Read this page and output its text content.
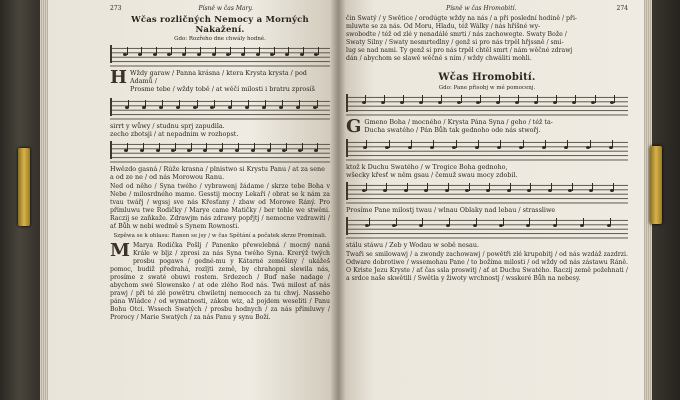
273	Písně w čas Mary.
Wčas rozličných Nemocy a Morných Nakažení.
Gdo: Rozřeho dne chwály hodné.
H Wždy garaw / Panna krásna / ktera Krysta krysta / pod Adamů /
Prosme tebe / wždy tobě / at wěčí milosti i bratru zprosíš
sirrt y wůwy / studnu sprj zapudila.
zecho zbotsji / at nepadnim w rozhopst.
Hwězdo gasná / Rúže krasna / plnistwo si Krystu Panu / at za sene
a od ze ne / od nás Morowou Ranu.
Ned od něho / Syna twého / vybrawenj žádame / skrze tebe Boha v Nebe / milosrdného mame. Gesstij mocny Lekaři / obrat se k nám za tvau twářj / wgssj sve nás Křesťany / zbaw od Morowe Ráný. Pro přímluwu twe Rodičky / Marye came Matičky / ber tohle we stwěni. Raczij se zaňkaže. Zdrawjm nás zdrawy popřjtj / nemocne vzdrawiti / ať Bůh w nebi wedmě s Synem Rownosti.
Szpěwa se k ohlasu: Ranen se jsy / w čas Spětání a počatek skrze Prominali.
M Marya Rodička Pošlj / Panenko přewelebná / mocný naná Krále w bljz / zprosi za nás Syna twého Syna. Krerýž twých prosbu pogaws / gedné-mu y Kátarné zeměšiny / ukážeš pomoc, budiž předrahá, rozljti země, by chrahopni slewila nás, prosíme z swaté obuwi rostem. Srdezech / Buď naše nadage / abychom swé Slowensko / at ode zlého Rod nás. Twá milost ať nás prawj / při té zlé powětru chwiletnj nemocech za tu chwj. Nasseho pána Wládce / od wymatnosti, zákon wiz, až pojdem weseliti / Panu Bohu Otci. Wssech Swatých / prosbu hodnych / za nás přímluwy / Prorocy / Marie Swatých / za nás Panu y synu Boží.
Písně w čas Hromobití.	274
čin Swatý / y Swětice / orodúgte wždy na nás / a při poslední hodině / při-
mluwte se za nás. Od Moru, Hladu, též Wálky / nás hříšné wy-
swobodte / též od zlé y nenadálé smrti / nás zachowegte. Swaty Bože /
Swaty Silny / Swaty nesmrtedlny / genž si pro nás trpěl hřjssně / smi-
lug se nad nami. Ty genž si pro nás trpěl chtěl smrt / nám wěčné zdrawj
dán / abychom se slawě wěčné s ním / wždy chwáliti mohli.
Wčas Hromobití.
Gdo: Pane přisobj w mé pomocenj.
G Gmeno Boha / mocného / Krysta Pána Syna / geho / též ta-
Ducha swatého / Pán Bůh tak gednoho ode nás stwořj.
ktož k Duchu Swatého / w Trogice Boha gednoho,
wšecky křesť w něm gsau / čemuž swau mocy zdobil.
Prosíme Pane milostj twau / wlnau Oblaky nad lebau / strassliwe
stálu stáwu / Zeb y Wodau w sobě nesau.
Twaři se smilowawj / a zwondy zachowawj / powětři zlé krupobitj / od nás wzdáž zazdrzi. Odware dobrotiwe / wssemohau Pane / to božíma milosti / od wždy od nás zástawu Ráně. O Kriste Jezu Kryste / ať čas ssla proswitj / ať at Duchu Swatého. Raczij země požehnati / a srdce naše skwětili / Swětla y žiwoty wrchnostj / wsskeré Bůh na nebesy.
